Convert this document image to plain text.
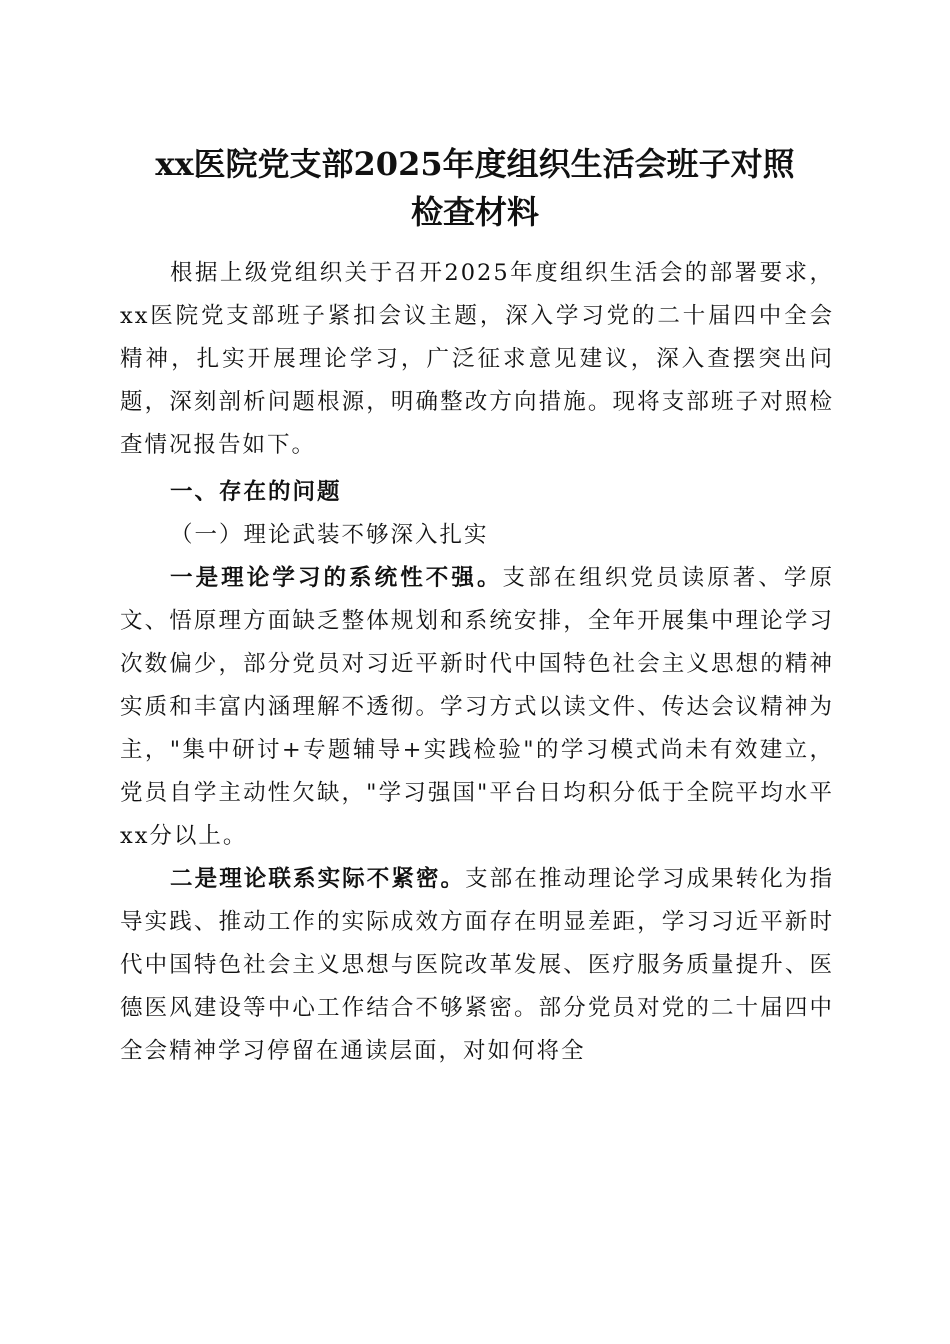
xx医院党支部2025年度组织生活会班子对照
检查材料

根据上级党组织关于召开2025年度组织生活会的部署要求，xx医院党支部班子紧扣会议主题，深入学习党的二十届四中全会精神，扎实开展理论学习，广泛征求意见建议，深入查摆突出问题，深刻剖析问题根源，明确整改方向措施。现将支部班子对照检查情况报告如下。

一、存在的问题

（一）理论武装不够深入扎实

一是理论学习的系统性不强。支部在组织党员读原著、学原文、悟原理方面缺乏整体规划和系统安排，全年开展集中理论学习次数偏少，部分党员对习近平新时代中国特色社会主义思想的精神实质和丰富内涵理解不透彻。学习方式以读文件、传达会议精神为主，"集中研讨+专题辅导+实践检验"的学习模式尚未有效建立，党员自学主动性欠缺，"学习强国"平台日均积分低于全院平均水平xx分以上。

二是理论联系实际不紧密。支部在推动理论学习成果转化为指导实践、推动工作的实际成效方面存在明显差距，学习习近平新时代中国特色社会主义思想与医院改革发展、医疗服务质量提升、医德医风建设等中心工作结合不够紧密。部分党员对党的二十届四中全会精神学习停留在通读层面，对如何将全
